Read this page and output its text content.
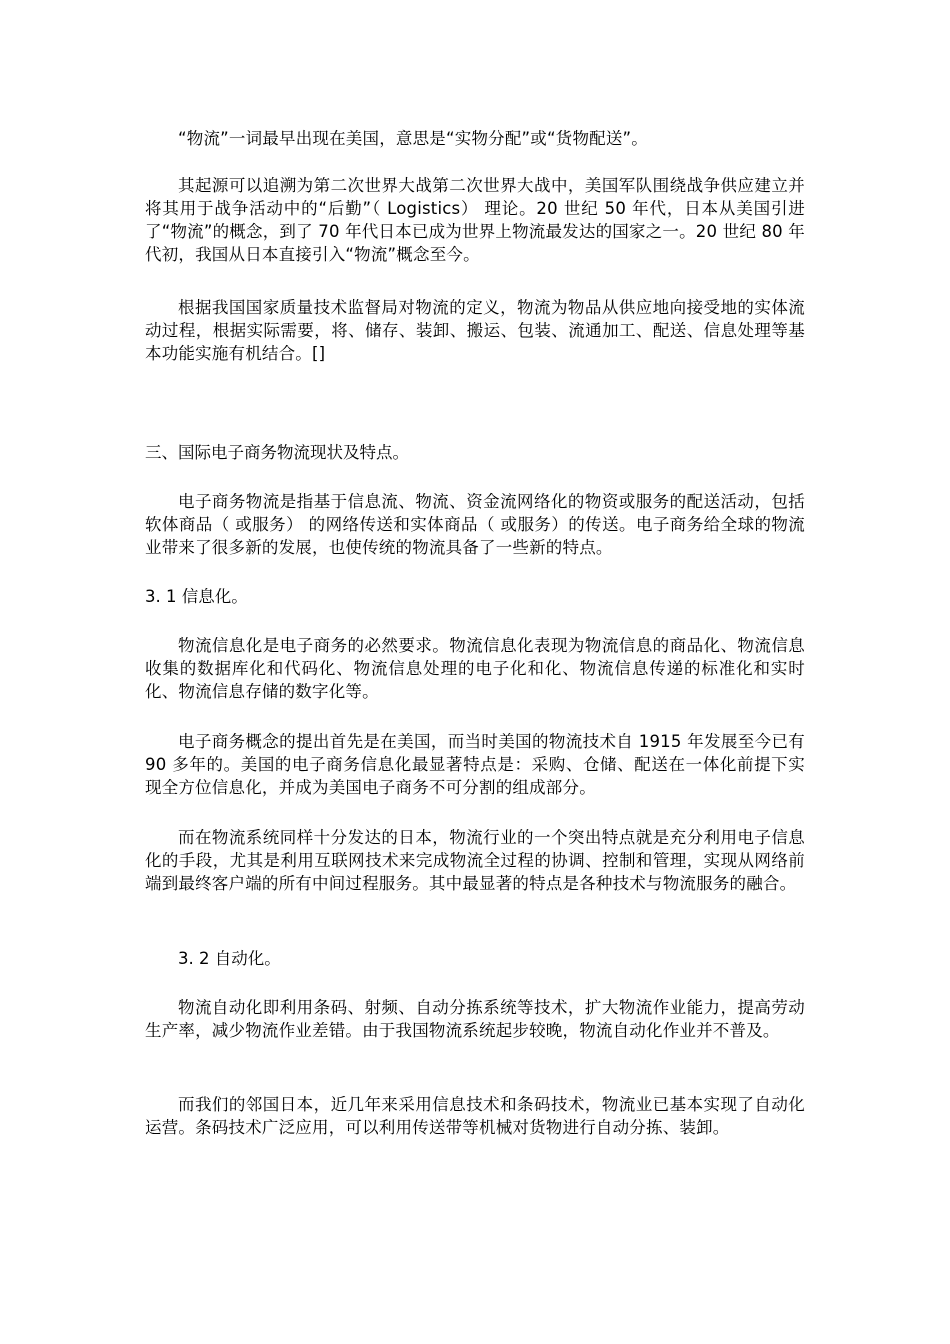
“物流”一词最早出现在美国，意思是“实物分配”或“货物配送”。

其起源可以追溯为第二次世界大战第二次世界大战中，美国军队围绕战争供应建立并将其用于战争活动中的“后勤”（ Logistics） 理论。20 世纪 50 年代，日本从美国引进了“物流”的概念，到了 70 年代日本已成为世界上物流最发达的国家之一。20 世纪 80 年代初，我国从日本直接引入“物流”概念至今。

根据我国国家质量技术监督局对物流的定义，物流为物品从供应地向接受地的实体流动过程，根据实际需要，将、储存、装卸、搬运、包装、流通加工、配送、信息处理等基本功能实施有机结合。[]

三、国际电子商务物流现状及特点。

电子商务物流是指基于信息流、物流、资金流网络化的物资或服务的配送活动，包括软体商品（ 或服务） 的网络传送和实体商品（ 或服务）的传送。电子商务给全球的物流业带来了很多新的发展，也使传统的物流具备了一些新的特点。

3. 1 信息化。

物流信息化是电子商务的必然要求。物流信息化表现为物流信息的商品化、物流信息收集的数据库化和代码化、物流信息处理的电子化和化、物流信息传递的标准化和实时化、物流信息存储的数字化等。

电子商务概念的提出首先是在美国，而当时美国的物流技术自 1915 年发展至今已有 90 多年的。美国的电子商务信息化最显著特点是：采购、仓储、配送在一体化前提下实现全方位信息化，并成为美国电子商务不可分割的组成部分。

而在物流系统同样十分发达的日本，物流行业的一个突出特点就是充分利用电子信息化的手段，尤其是利用互联网技术来完成物流全过程的协调、控制和管理，实现从网络前端到最终客户端的所有中间过程服务。其中最显著的特点是各种技术与物流服务的融合。

3. 2 自动化。

物流自动化即利用条码、射频、自动分拣系统等技术，扩大物流作业能力，提高劳动生产率，减少物流作业差错。由于我国物流系统起步较晚，物流自动化作业并不普及。

而我们的邻国日本，近几年来采用信息技术和条码技术，物流业已基本实现了自动化运营。条码技术广泛应用，可以利用传送带等机械对货物进行自动分拣、装卸。
